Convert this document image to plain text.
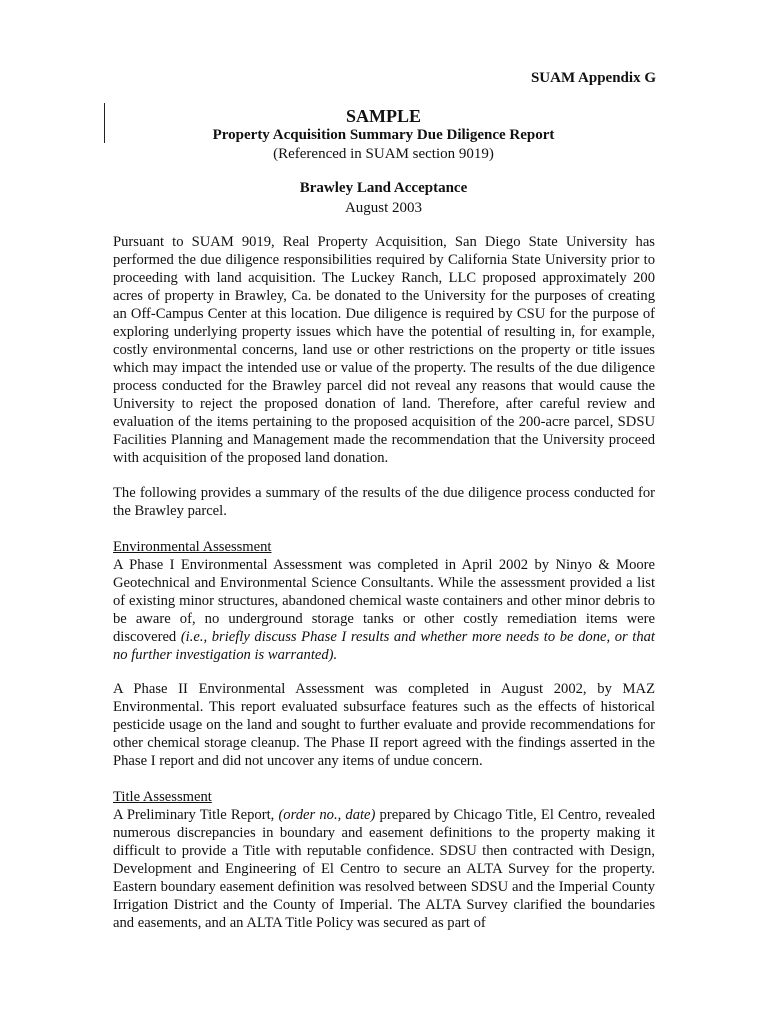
SUAM Appendix G
SAMPLE
Property Acquisition Summary Due Diligence Report
(Referenced in SUAM section 9019)
Brawley Land Acceptance
August 2003

Pursuant to SUAM 9019, Real Property Acquisition, San Diego State University has performed the due diligence responsibilities required by California State University prior to proceeding with land acquisition. The Luckey Ranch, LLC proposed approximately 200 acres of property in Brawley, Ca. be donated to the University for the purposes of creating an Off-Campus Center at this location. Due diligence is required by CSU for the purpose of exploring underlying property issues which have the potential of resulting in, for example, costly environmental concerns, land use or other restrictions on the property or title issues which may impact the intended use or value of the property. The results of the due diligence process conducted for the Brawley parcel did not reveal any reasons that would cause the University to reject the proposed donation of land. Therefore, after careful review and evaluation of the items pertaining to the proposed acquisition of the 200-acre parcel, SDSU Facilities Planning and Management made the recommendation that the University proceed with acquisition of the proposed land donation.

The following provides a summary of the results of the due diligence process conducted for the Brawley parcel.

Environmental Assessment
A Phase I Environmental Assessment was completed in April 2002 by Ninyo & Moore Geotechnical and Environmental Science Consultants. While the assessment provided a list of existing minor structures, abandoned chemical waste containers and other minor debris to be aware of, no underground storage tanks or other costly remediation items were discovered (i.e., briefly discuss Phase I results and whether more needs to be done, or that no further investigation is warranted).

A Phase II Environmental Assessment was completed in August 2002, by MAZ Environmental. This report evaluated subsurface features such as the effects of historical pesticide usage on the land and sought to further evaluate and provide recommendations for other chemical storage cleanup. The Phase II report agreed with the findings asserted in the Phase I report and did not uncover any items of undue concern.

Title Assessment
A Preliminary Title Report, (order no., date) prepared by Chicago Title, El Centro, revealed numerous discrepancies in boundary and easement definitions to the property making it difficult to provide a Title with reputable confidence. SDSU then contracted with Design, Development and Engineering of El Centro to secure an ALTA Survey for the property. Eastern boundary easement definition was resolved between SDSU and the Imperial County Irrigation District and the County of Imperial. The ALTA Survey clarified the boundaries and easements, and an ALTA Title Policy was secured as part of
